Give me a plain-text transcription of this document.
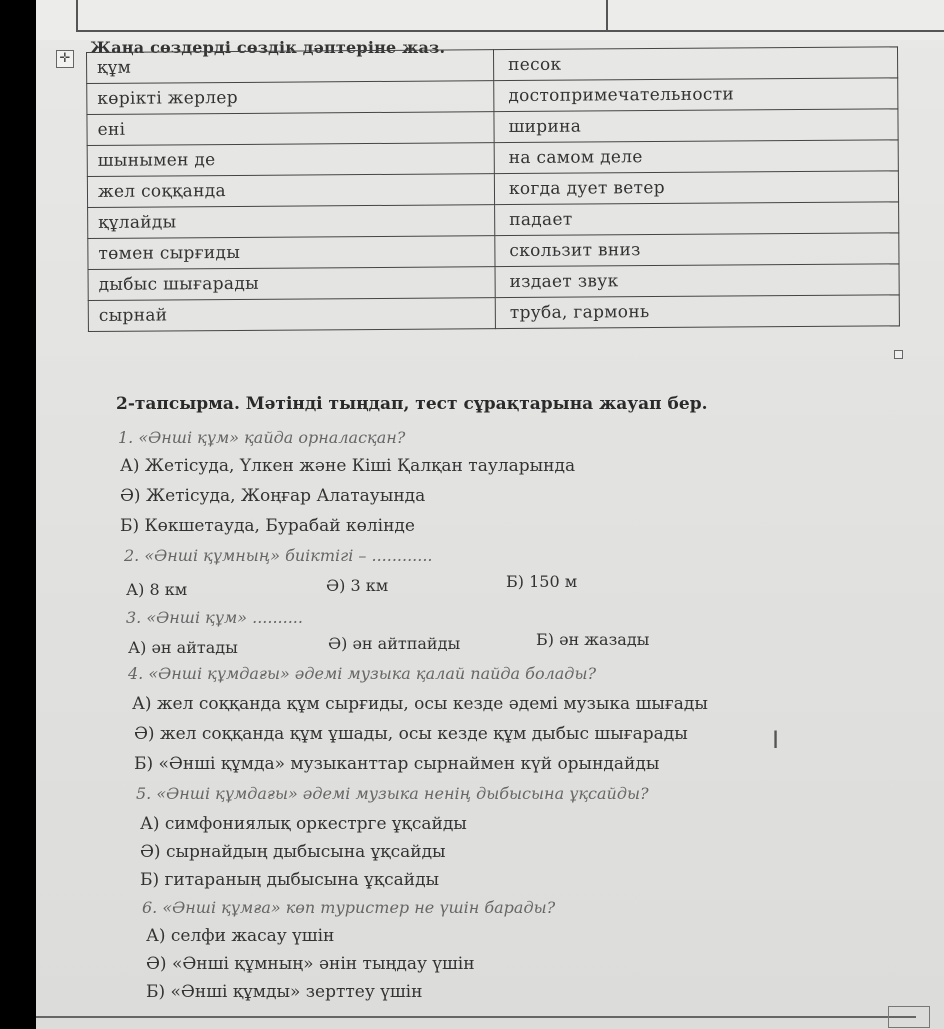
✛
Жаңа сөздерді сөздік дәптеріне жаз.
құм	песок
көрікті жерлер	достопримечательности
ені	ширина
шынымен де	на самом деле
жел соққанда	когда дует ветер
құлайды	падает
төмен сырғиды	скользит вниз
дыбыс шығарады	издает звук
сырнай	труба, гармонь
2-тапсырма. Мәтінді тыңдап, тест сұрақтарына жауап бер.
1. «Әнші құм» қайда орналасқан?
А) Жетісуда, Үлкен және Кіші Қалқан тауларында
Ә) Жетісуда, Жоңғар Алатауында
Б) Көкшетауда, Бурабай көлінде
2. «Әнші құмның» биіктігі – ............
А) 8 км	Ә) 3 км	Б) 150 м
3. «Әнші құм» ..........
А) ән айтады	Ә) ән айтпайды	Б) ән жазады
4. «Әнші құмдағы» әдемі музыка қалай пайда болады?
А) жел соққанда құм сырғиды, осы кезде әдемі музыка шығады
Ә) жел соққанда құм ұшады, осы кезде құм дыбыс шығарады
Б) «Әнші құмда» музыканттар сырнаймен күй орындайды
5. «Әнші құмдағы» әдемі музыка ненің дыбысына ұқсайды?
А) симфониялық оркестрге ұқсайды
Ә) сырнайдың дыбысына ұқсайды
Б) гитараның дыбысына ұқсайды
6. «Әнші құмға» көп туристер не үшін барады?
А) селфи жасау үшін
Ә) «Әнші құмның» әнін тыңдау үшін
Б) «Әнші құмды» зерттеу үшін
I
